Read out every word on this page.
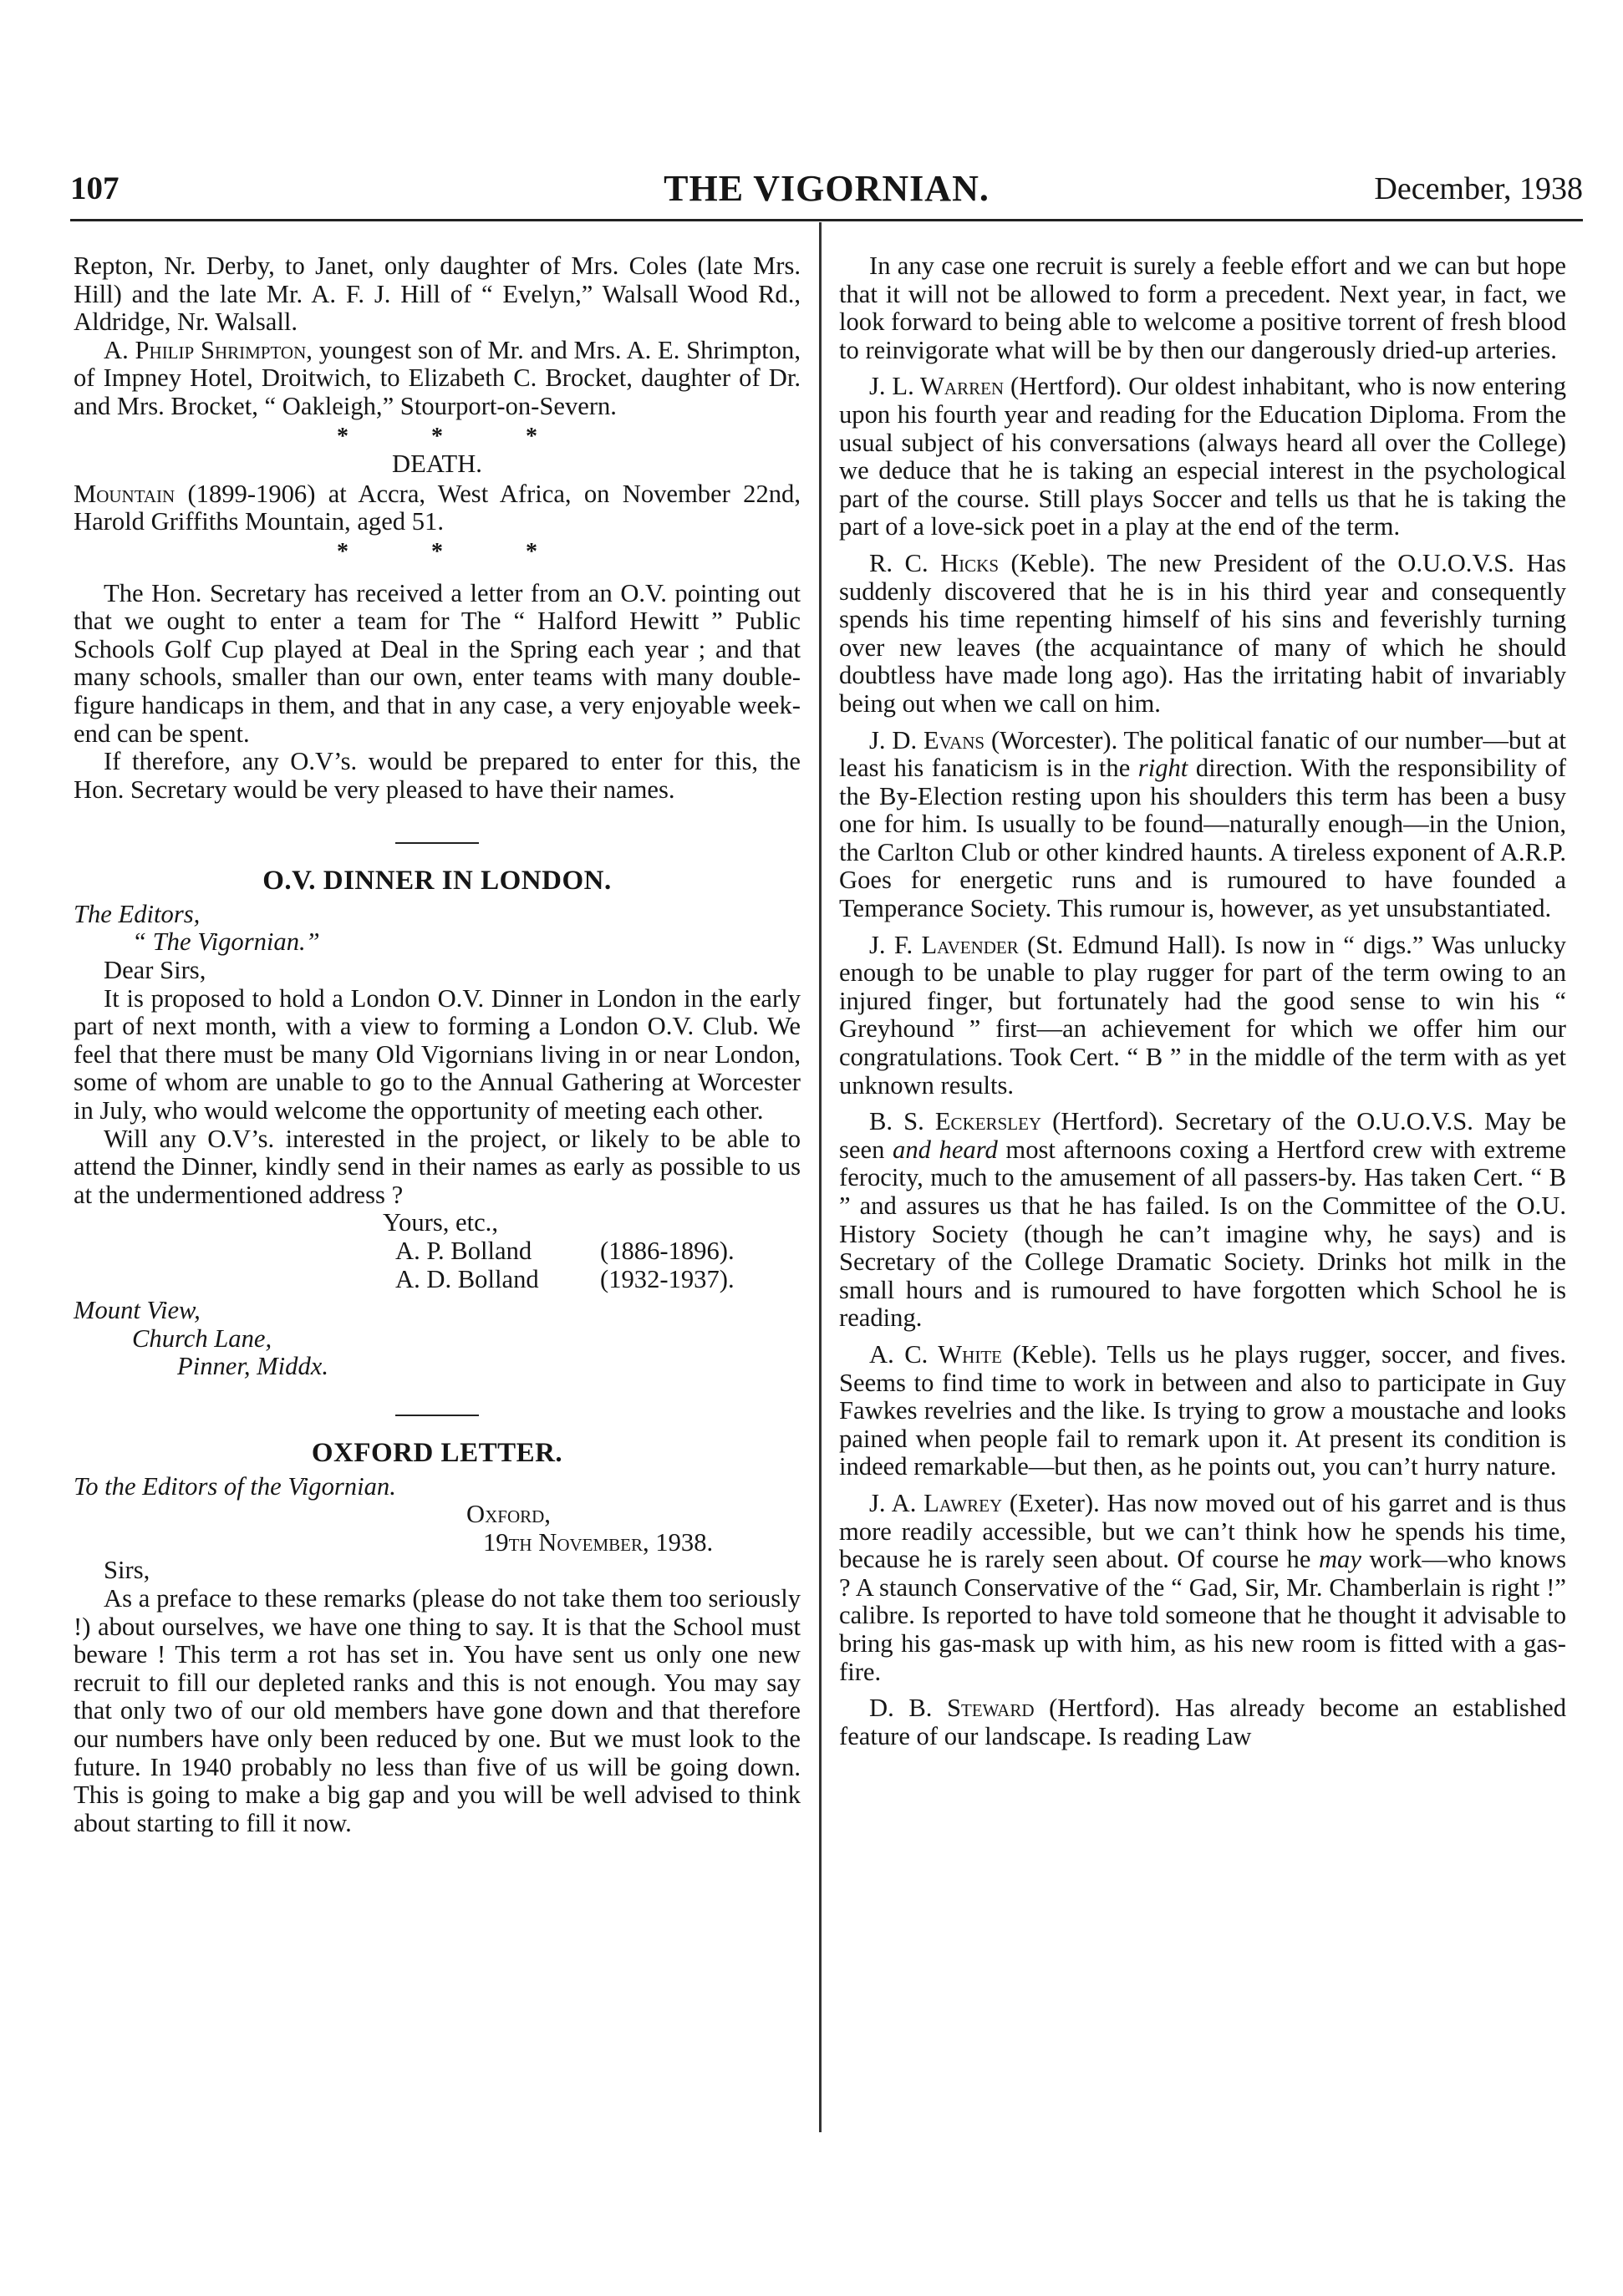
THE VIGORNIAN.
107	December, 1938

Repton, Nr. Derby, to Janet, only daughter of Mrs. Coles (late Mrs. Hill) and the late Mr. A. F. J. Hill of “ Evelyn,” Walsall Wood Rd., Aldridge, Nr. Walsall.

A. Philip Shrimpton, youngest son of Mr. and Mrs. A. E. Shrimpton, of Impney Hotel, Droitwich, to Elizabeth C. Brocket, daughter of Dr. and Mrs. Brocket, “ Oakleigh,” Stourport-on-Severn.

* * *
DEATH.

Mountain (1899-1906) at Accra, West Africa, on November 22nd, Harold Griffiths Mountain, aged 51.

* * *

The Hon. Secretary has received a letter from an O.V. pointing out that we ought to enter a team for The “ Halford Hewitt ” Public Schools Golf Cup played at Deal in the Spring each year ; and that many schools, smaller than our own, enter teams with many double-figure handicaps in them, and that in any case, a very enjoyable week-end can be spent.

If therefore, any O.V’s. would be prepared to enter for this, the Hon. Secretary would be very pleased to have their names.

O.V. DINNER IN LONDON.
The Editors,
“ The Vigornian.”

Dear Sirs,

It is proposed to hold a London O.V. Dinner in London in the early part of next month, with a view to forming a London O.V. Club. We feel that there must be many Old Vigornians living in or near London, some of whom are unable to go to the Annual Gathering at Worcester in July, who would welcome the opportunity of meeting each other.

Will any O.V’s. interested in the project, or likely to be able to attend the Dinner, kindly send in their names as early as possible to us at the undermentioned address ?

Yours, etc.,
A. P. Bolland	(1886-1896).
A. D. Bolland (1932-1937).
Mount View,
Church Lane,
Pinner, Middx.
OXFORD LETTER.
To the Editors of the Vigornian.
Oxford,
19th November, 1938.

Sirs,

As a preface to these remarks (please do not take them too seriously !) about ourselves, we have one thing to say. It is that the School must beware ! This term a rot has set in. You have sent us only one new recruit to fill our depleted ranks and this is not enough. You may say that only two of our old members have gone down and that therefore our numbers have only been reduced by one. But we must look to the future. In 1940 probably no less than five of us will be going down. This is going to make a big gap and you will be well advised to think about starting to fill it now.

In any case one recruit is surely a feeble effort and we can but hope that it will not be allowed to form a precedent. Next year, in fact, we look forward to being able to welcome a positive torrent of fresh blood to reinvigorate what will be by then our dangerously dried-up arteries.

J. L. Warren (Hertford). Our oldest inhabitant, who is now entering upon his fourth year and reading for the Education Diploma. From the usual subject of his conversations (always heard all over the College) we deduce that he is taking an especial interest in the psychological part of the course. Still plays Soccer and tells us that he is taking the part of a love-sick poet in a play at the end of the term.

R. C. Hicks (Keble). The new President of the O.U.O.V.S. Has suddenly discovered that he is in his third year and consequently spends his time repenting himself of his sins and feverishly turning over new leaves (the acquaintance of many of which he should doubtless have made long ago). Has the irritating habit of invariably being out when we call on him.

J. D. Evans (Worcester). The political fanatic of our number—but at least his fanaticism is in the right direction. With the responsibility of the By-Election resting upon his shoulders this term has been a busy one for him. Is usually to be found—naturally enough—in the Union, the Carlton Club or other kindred haunts. A tireless exponent of A.R.P. Goes for energetic runs and is rumoured to have founded a Temperance Society. This rumour is, however, as yet unsubstantiated.

J. F. Lavender (St. Edmund Hall). Is now in “ digs.” Was unlucky enough to be unable to play rugger for part of the term owing to an injured finger, but fortunately had the good sense to win his “ Greyhound ” first—an achievement for which we offer him our congratulations. Took Cert. “ B ” in the middle of the term with as yet unknown results.

B. S. Eckersley (Hertford). Secretary of the O.U.O.V.S. May be seen and heard most afternoons coxing a Hertford crew with extreme ferocity, much to the amusement of all passers-by. Has taken Cert. “ B ” and assures us that he has failed. Is on the Committee of the O.U. History Society (though he can’t imagine why, he says) and is Secretary of the College Dramatic Society. Drinks hot milk in the small hours and is rumoured to have forgotten which School he is reading.

A. C. White (Keble). Tells us he plays rugger, soccer, and fives. Seems to find time to work in between and also to participate in Guy Fawkes revelries and the like. Is trying to grow a moustache and looks pained when people fail to remark upon it. At present its condition is indeed remarkable—but then, as he points out, you can’t hurry nature.

J. A. Lawrey (Exeter). Has now moved out of his garret and is thus more readily accessible, but we can’t think how he spends his time, because he is rarely seen about. Of course he may work—who knows ? A staunch Conservative of the “ Gad, Sir, Mr. Chamberlain is right !” calibre. Is reported to have told someone that he thought it advisable to bring his gas-mask up with him, as his new room is fitted with a gas-fire.

D. B. Steward (Hertford). Has already become an established feature of our landscape. Is reading Law
